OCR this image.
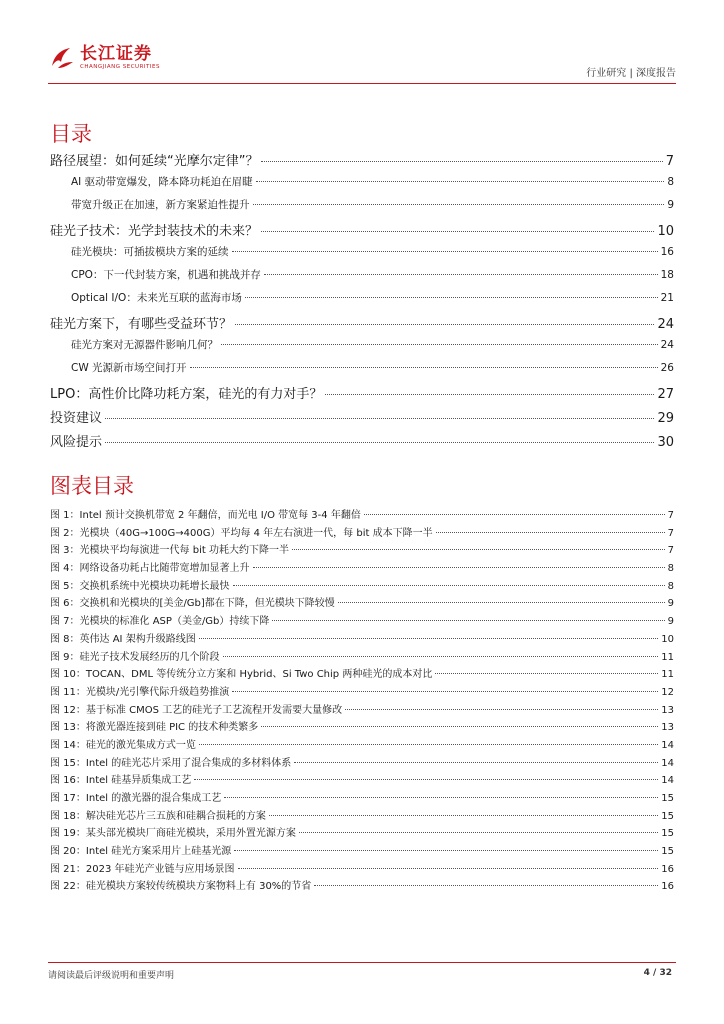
长江证券
CHANGJIANG SECURITIES
行业研究 | 深度报告
目录
路径展望：如何延续“光摩尔定律”？	7
AI 驱动带宽爆发，降本降功耗迫在眉睫	8
带宽升级正在加速，新方案紧迫性提升	9
硅光子技术：光学封装技术的未来？	10
硅光模块：可插拔模块方案的延续	16
CPO：下一代封装方案，机遇和挑战并存	18
Optical I/O：未来光互联的蓝海市场	21
硅光方案下，有哪些受益环节？	24
硅光方案对无源器件影响几何？	24
CW 光源新市场空间打开	26
LPO：高性价比降功耗方案，硅光的有力对手？	27
投资建议	29
风险提示	30
图表目录
图 1：Intel 预计交换机带宽 2 年翻倍，而光电 I/O 带宽每 3-4 年翻倍	7
图 2：光模块（40G→100G→400G）平均每 4 年左右演进一代，每 bit 成本下降一半	7
图 3：光模块平均每演进一代每 bit 功耗大约下降一半	7
图 4：网络设备功耗占比随带宽增加显著上升	8
图 5：交换机系统中光模块功耗增长最快	8
图 6：交换机和光模块的[美金/Gb]都在下降，但光模块下降较慢	9
图 7：光模块的标准化 ASP（美金/Gb）持续下降	9
图 8：英伟达 AI 架构升级路线图	10
图 9：硅光子技术发展经历的几个阶段	11
图 10：TOCAN、DML 等传统分立方案和 Hybrid、Si Two Chip 两种硅光的成本对比	11
图 11：光模块/光引擎代际升级趋势推演	12
图 12：基于标准 CMOS 工艺的硅光子工艺流程开发需要大量修改	13
图 13：将激光器连接到硅 PIC 的技术种类繁多	13
图 14：硅光的激光集成方式一览	14
图 15：Intel 的硅光芯片采用了混合集成的多材料体系	14
图 16：Intel 硅基异质集成工艺	14
图 17：Intel 的激光器的混合集成工艺	15
图 18：解决硅光芯片三五族和硅耦合损耗的方案	15
图 19：某头部光模块厂商硅光模块，采用外置光源方案	15
图 20：Intel 硅光方案采用片上硅基光源	15
图 21：2023 年硅光产业链与应用场景图	16
图 22：硅光模块方案较传统模块方案物料上有 30%的节省	16
请阅读最后评级说明和重要声明	4 / 32
